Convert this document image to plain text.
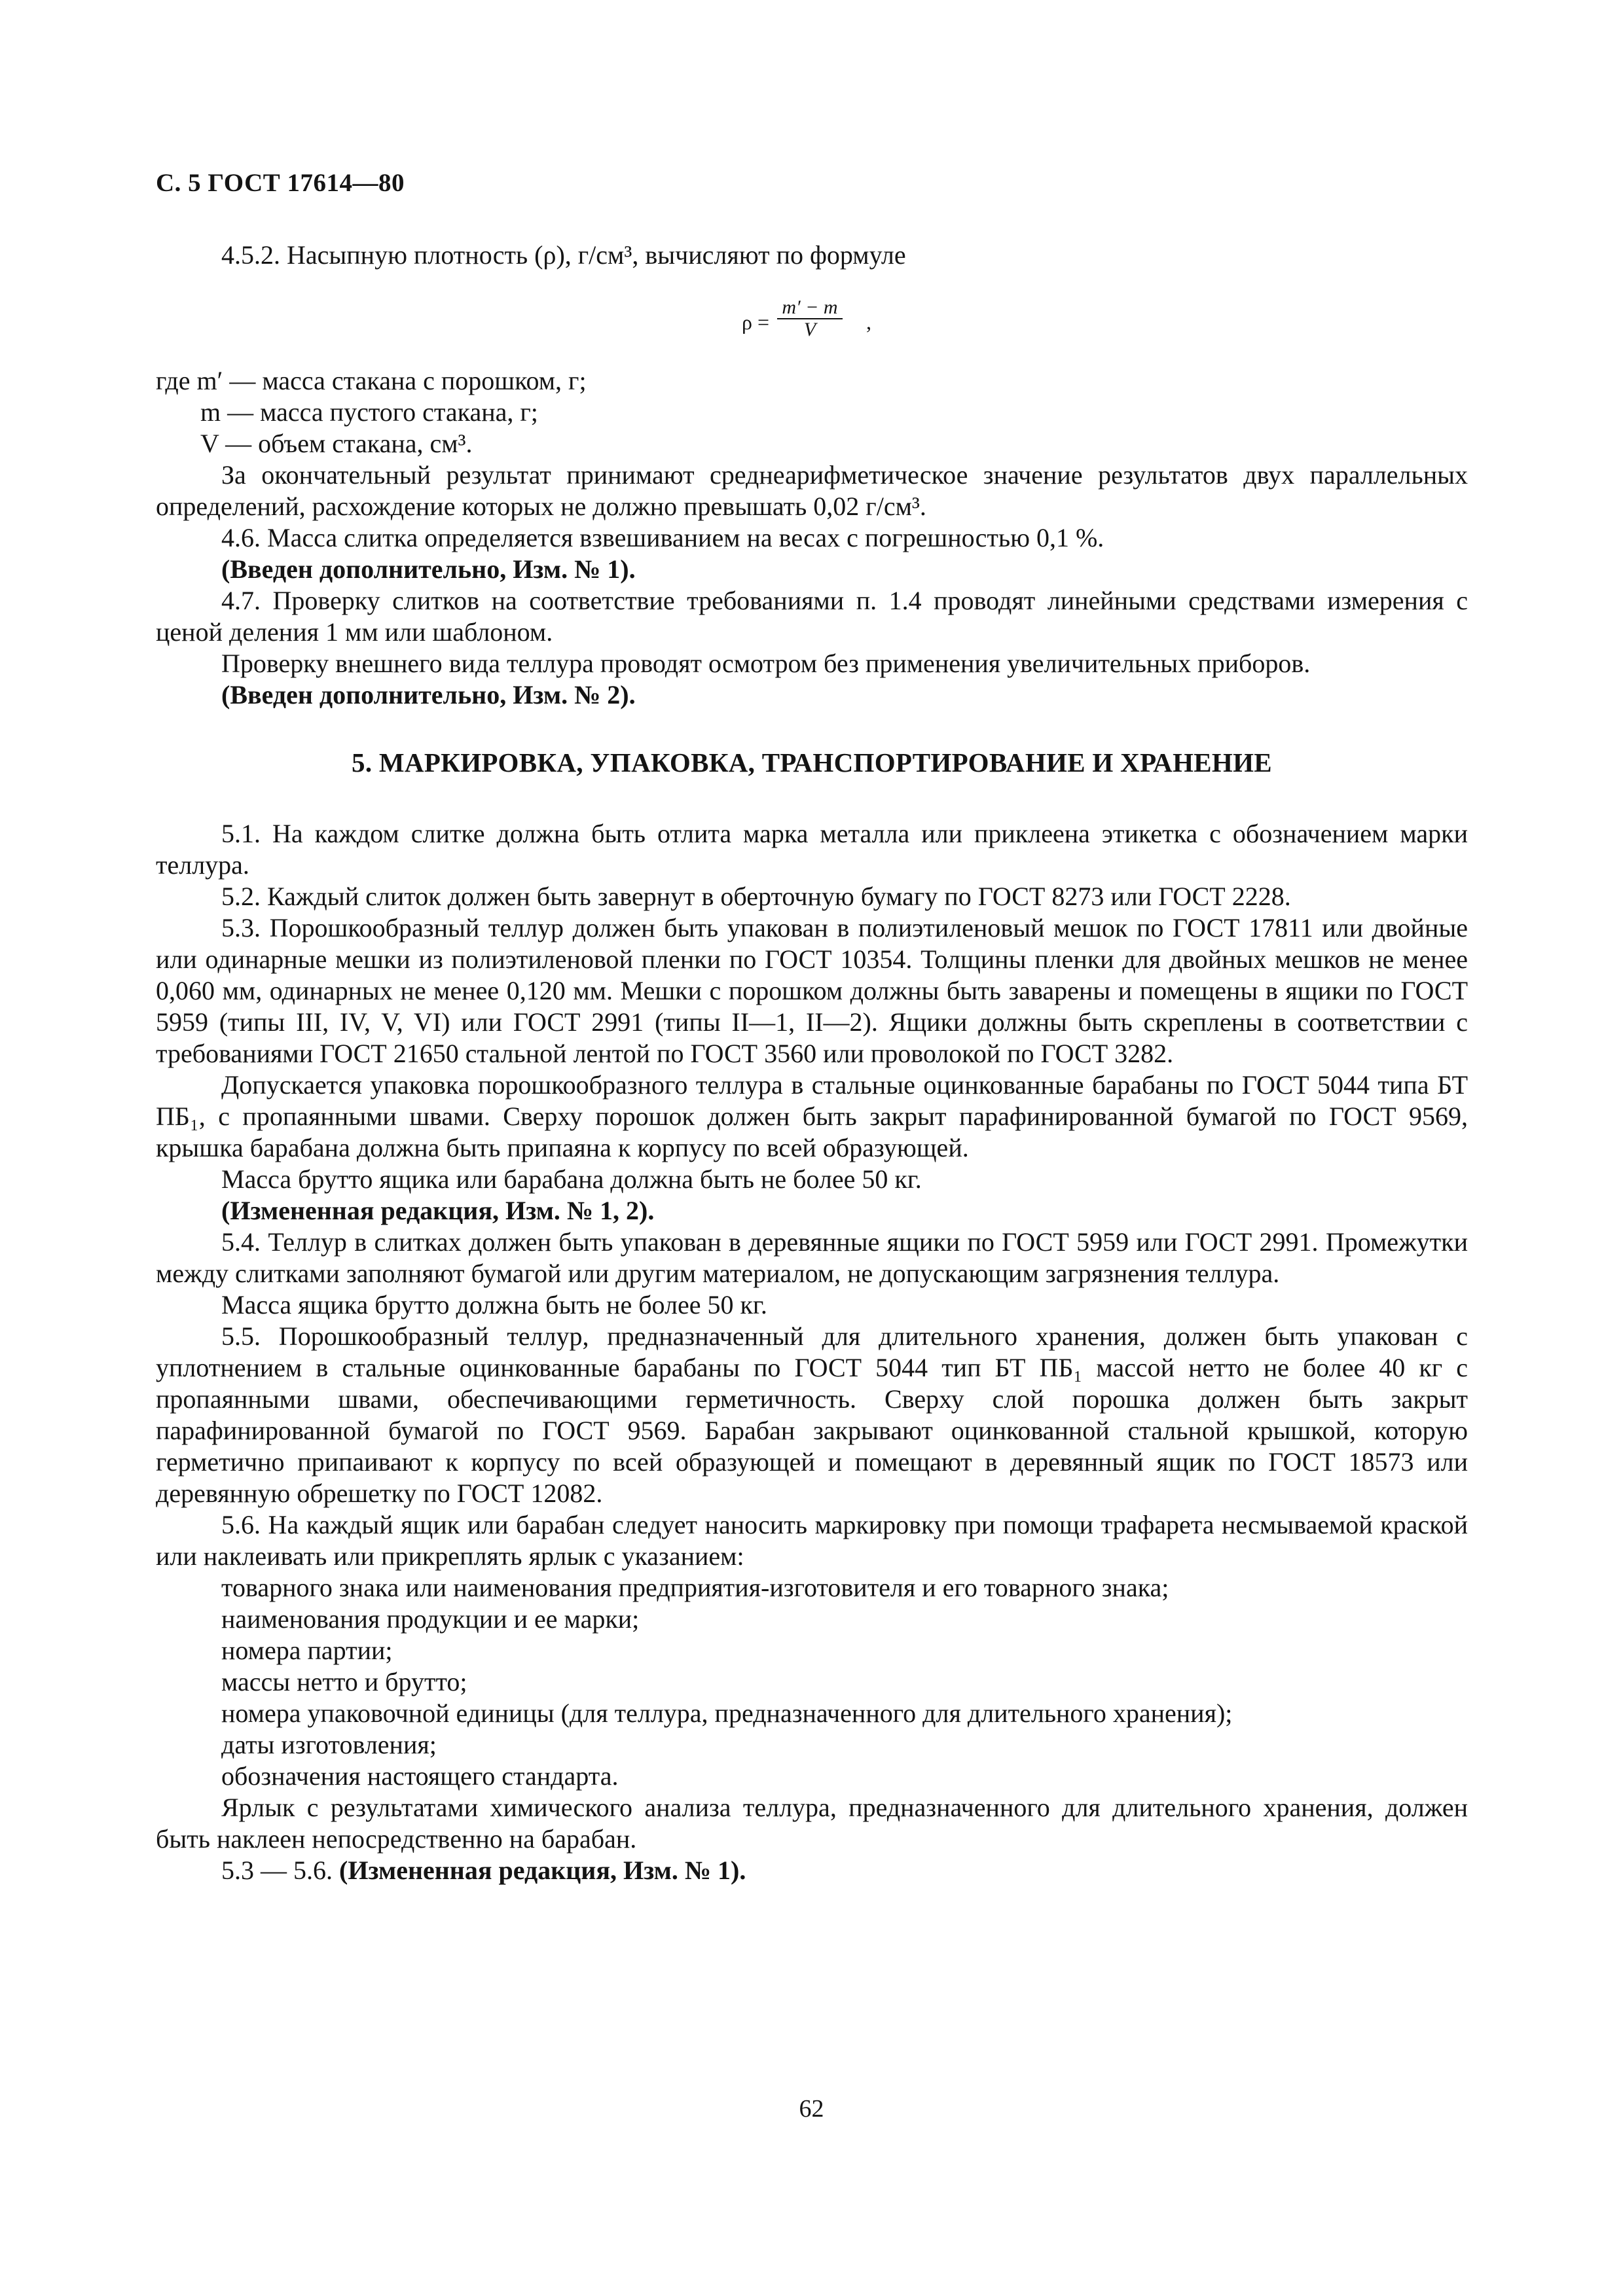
С. 5 ГОСТ 17614—80

4.5.2. Насыпную плотность (ρ), г/см³, вычисляют по формуле

$\rho = \frac{m' - m}{V}$ ,

где m′ — масса стакана с порошком, г;

m — масса пустого стакана, г;

V — объем стакана, см³.

За окончательный результат принимают среднеарифметическое значение результатов двух параллельных определений, расхождение которых не должно превышать 0,02 г/см³.

4.6. Масса слитка определяется взвешиванием на весах с погрешностью 0,1 %.

(Введен дополнительно, Изм. № 1).

4.7. Проверку слитков на соответствие требованиями п. 1.4 проводят линейными средствами измерения с ценой деления 1 мм или шаблоном.

Проверку внешнего вида теллура проводят осмотром без применения увеличительных приборов.

(Введен дополнительно, Изм. № 2).

5. МАРКИРОВКА, УПАКОВКА, ТРАНСПОРТИРОВАНИЕ И ХРАНЕНИЕ

5.1. На каждом слитке должна быть отлита марка металла или приклеена этикетка с обозначением марки теллура.

5.2. Каждый слиток должен быть завернут в оберточную бумагу по ГОСТ 8273 или ГОСТ 2228.

5.3. Порошкообразный теллур должен быть упакован в полиэтиленовый мешок по ГОСТ 17811 или двойные или одинарные мешки из полиэтиленовой пленки по ГОСТ 10354. Толщины пленки для двойных мешков не менее 0,060 мм, одинарных не менее 0,120 мм. Мешки с порошком должны быть заварены и помещены в ящики по ГОСТ 5959 (типы III, IV, V, VI) или ГОСТ 2991 (типы II—1, II—2). Ящики должны быть скреплены в соответствии с требованиями ГОСТ 21650 стальной лентой по ГОСТ 3560 или проволокой по ГОСТ 3282.

Допускается упаковка порошкообразного теллура в стальные оцинкованные барабаны по ГОСТ 5044 типа БТ ПБ₁, с пропаянными швами. Сверху порошок должен быть закрыт парафинированной бумагой по ГОСТ 9569, крышка барабана должна быть припаяна к корпусу по всей образующей.

Масса брутто ящика или барабана должна быть не более 50 кг.

(Измененная редакция, Изм. № 1, 2).

5.4. Теллур в слитках должен быть упакован в деревянные ящики по ГОСТ 5959 или ГОСТ 2991. Промежутки между слитками заполняют бумагой или другим материалом, не допускающим загрязнения теллура.

Масса ящика брутто должна быть не более 50 кг.

5.5. Порошкообразный теллур, предназначенный для длительного хранения, должен быть упакован с уплотнением в стальные оцинкованные барабаны по ГОСТ 5044 тип БТ ПБ₁ массой нетто не более 40 кг с пропаянными швами, обеспечивающими герметичность. Сверху слой порошка должен быть закрыт парафинированной бумагой по ГОСТ 9569. Барабан закрывают оцинкованной стальной крышкой, которую герметично припаивают к корпусу по всей образующей и помещают в деревянный ящик по ГОСТ 18573 или деревянную обрешетку по ГОСТ 12082.

5.6. На каждый ящик или барабан следует наносить маркировку при помощи трафарета несмываемой краской или наклеивать или прикреплять ярлык с указанием:

товарного знака или наименования предприятия-изготовителя и его товарного знака;

наименования продукции и ее марки;

номера партии;

массы нетто и брутто;

номера упаковочной единицы (для теллура, предназначенного для длительного хранения);

даты изготовления;

обозначения настоящего стандарта.

Ярлык с результатами химического анализа теллура, предназначенного для длительного хранения, должен быть наклеен непосредственно на барабан.

5.3 — 5.6. (Измененная редакция, Изм. № 1).

62
